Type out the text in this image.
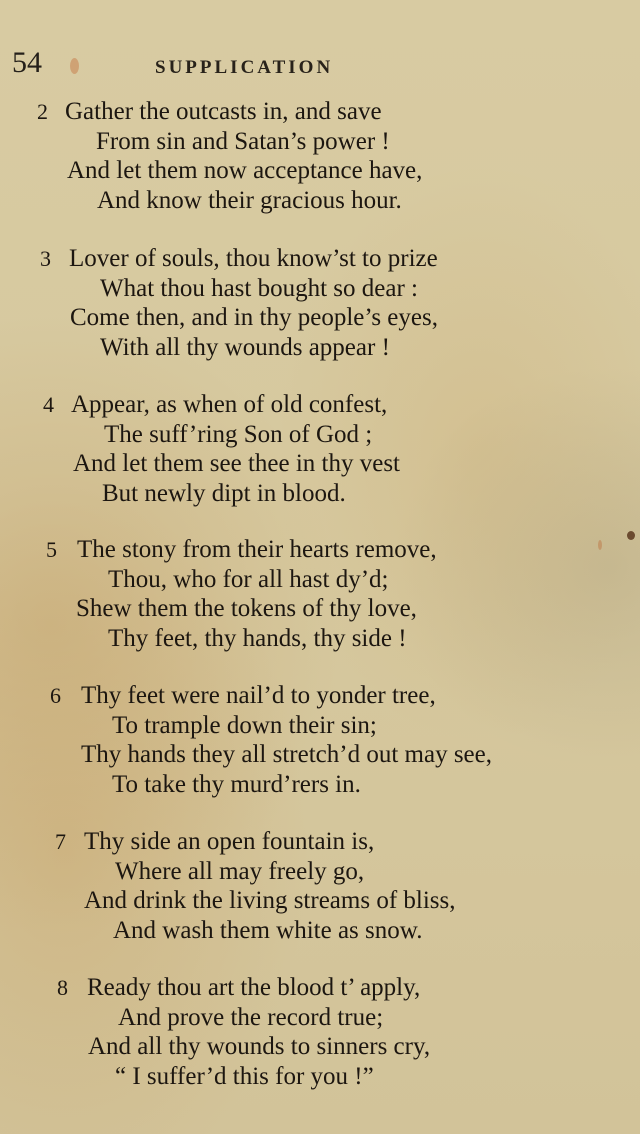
54	SUPPLICATION
2 Gather the outcasts in, and save
From sin and Satan’s power !
And let them now acceptance have,
And know their gracious hour.
3 Lover of souls, thou know’st to prize
What thou hast bought so dear :
Come then, and in thy people’s eyes,
With all thy wounds appear !
4 Appear, as when of old confest,
The suff’ring Son of God ;
And let them see thee in thy vest
But newly dipt in blood.
5 The stony from their hearts remove,
Thou, who for all hast dy’d;
Shew them the tokens of thy love,
Thy feet, thy hands, thy side !
6 Thy feet were nail’d to yonder tree,
To trample down their sin;
Thy hands they all stretch’d out may see,
To take thy murd’rers in.
7 Thy side an open fountain is,
Where all may freely go,
And drink the living streams of bliss,
And wash them white as snow.
8 Ready thou art the blood t’ apply,
And prove the record true;
And all thy wounds to sinners cry,
“ I suffer’d this for you !”
